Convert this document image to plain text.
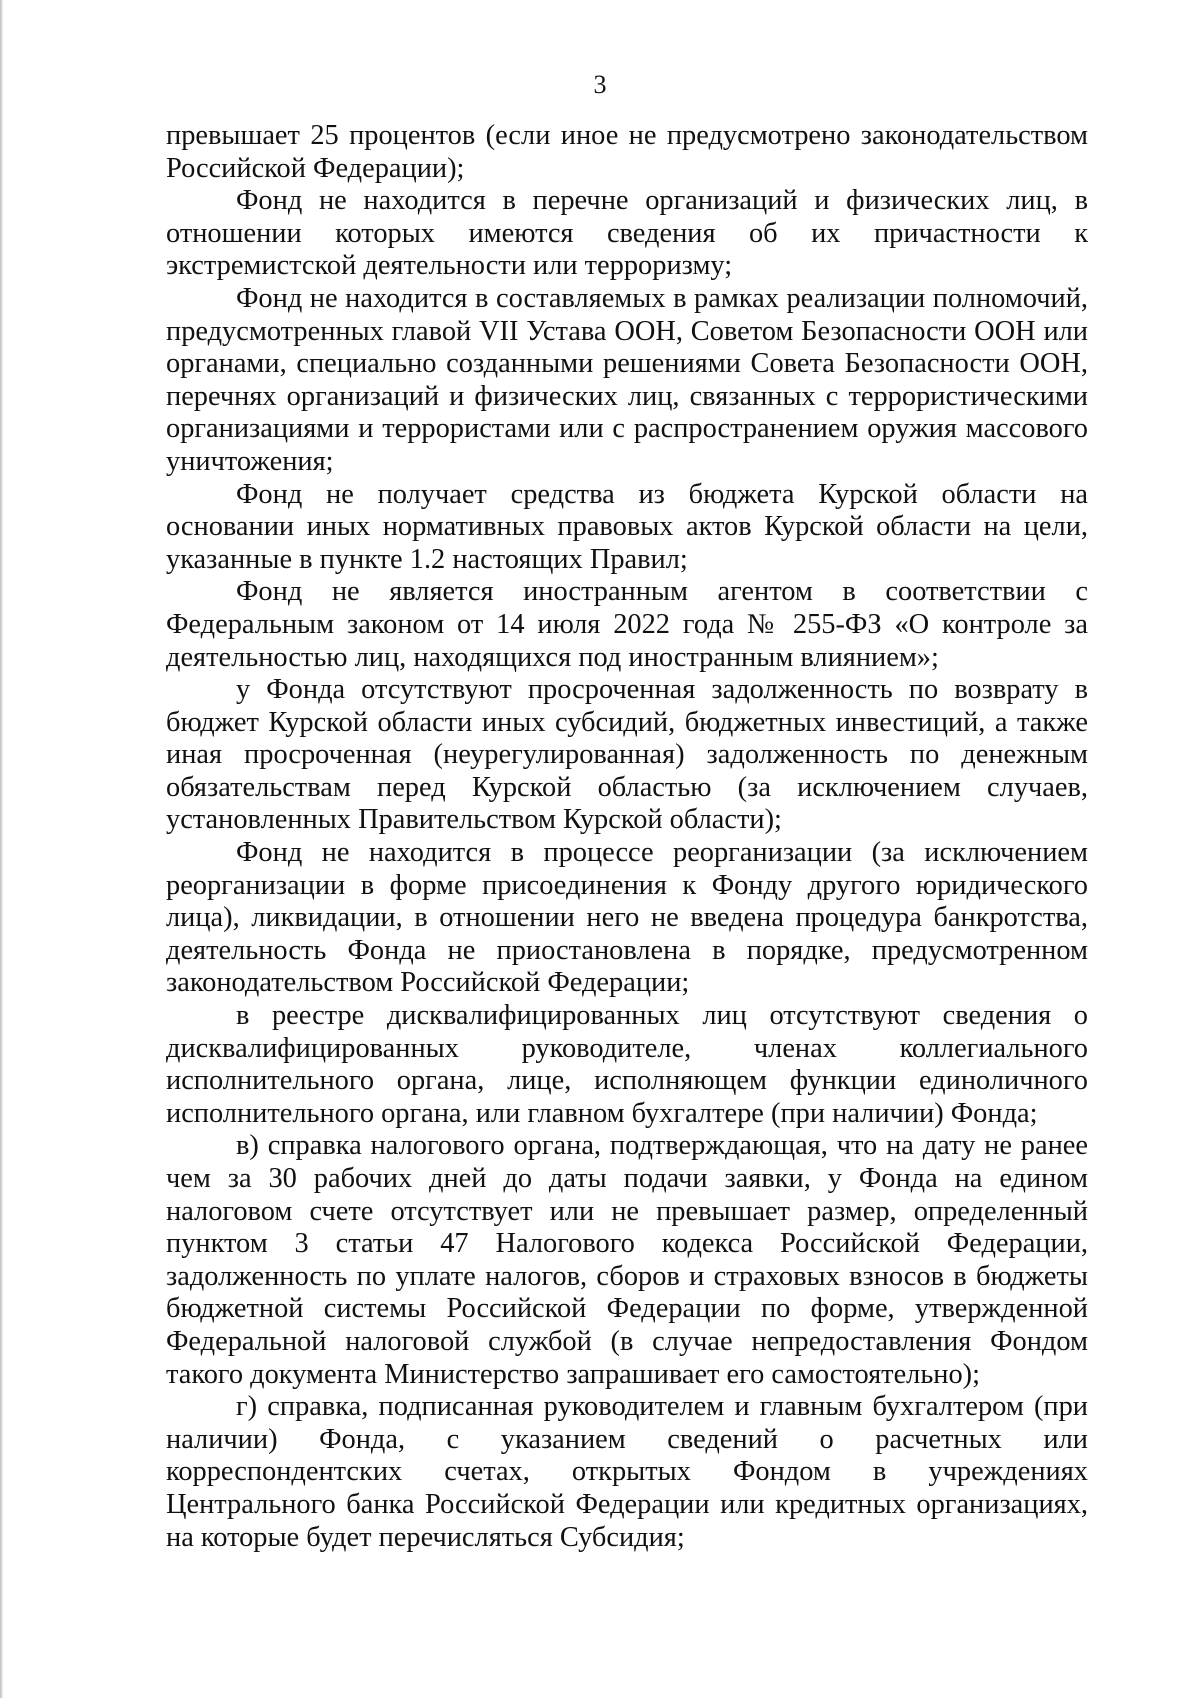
3

превышает 25 процентов (если иное не предусмотрено законодательством Российской Федерации);

Фонд не находится в перечне организаций и физических лиц, в отношении которых имеются сведения об их причастности к экстремистской деятельности или терроризму;

Фонд не находится в составляемых в рамках реализации полномочий, предусмотренных главой VII Устава ООН, Советом Безопасности ООН или органами, специально созданными решениями Совета Безопасности ООН, перечнях организаций и физических лиц, связанных с террористическими организациями и террористами или с распространением оружия массового уничтожения;

Фонд не получает средства из бюджета Курской области на основании иных нормативных правовых актов Курской области на цели, указанные в пункте 1.2 настоящих Правил;

Фонд не является иностранным агентом в соответствии с Федеральным законом от 14 июля 2022 года № 255-ФЗ «О контроле за деятельностью лиц, находящихся под иностранным влиянием»;

у Фонда отсутствуют просроченная задолженность по возврату в бюджет Курской области иных субсидий, бюджетных инвестиций, а также иная просроченная (неурегулированная) задолженность по денежным обязательствам перед Курской областью (за исключением случаев, установленных Правительством Курской области);

Фонд не находится в процессе реорганизации (за исключением реорганизации в форме присоединения к Фонду другого юридического лица), ликвидации, в отношении него не введена процедура банкротства, деятельность Фонда не приостановлена в порядке, предусмотренном законодательством Российской Федерации;

в реестре дисквалифицированных лиц отсутствуют сведения о дисквалифицированных руководителе, членах коллегиального исполнительного органа, лице, исполняющем функции единоличного исполнительного органа, или главном бухгалтере (при наличии) Фонда;

в) справка налогового органа, подтверждающая, что на дату не ранее чем за 30 рабочих дней до даты подачи заявки, у Фонда на едином налоговом счете отсутствует или не превышает размер, определенный пунктом 3 статьи 47 Налогового кодекса Российской Федерации, задолженность по уплате налогов, сборов и страховых взносов в бюджеты бюджетной системы Российской Федерации по форме, утвержденной Федеральной налоговой службой (в случае непредоставления Фондом такого документа Министерство запрашивает его самостоятельно);

г) справка, подписанная руководителем и главным бухгалтером (при наличии) Фонда, с указанием сведений о расчетных или корреспондентских счетах, открытых Фондом в учреждениях Центрального банка Российской Федерации или кредитных организациях, на которые будет перечисляться Субсидия;
